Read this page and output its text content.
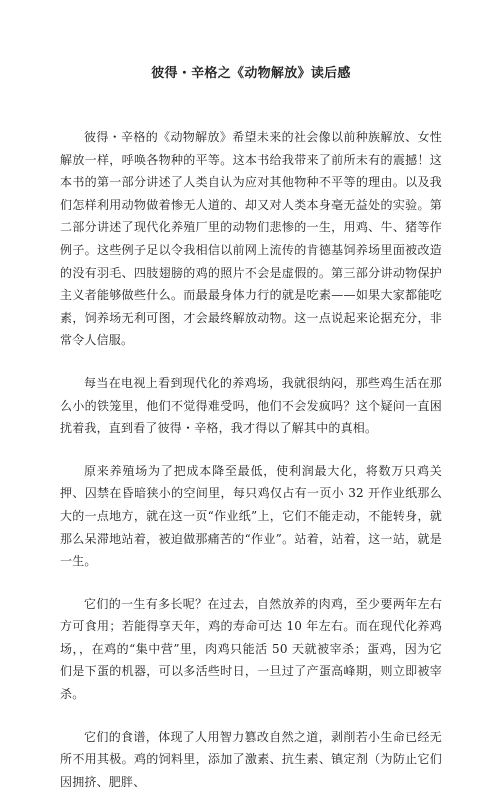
彼得・辛格之《动物解放》读后感

彼得・辛格的《动物解放》希望未来的社会像以前种族解放、女性解放一样，呼唤各物种的平等。这本书给我带来了前所未有的震撼！这本书的第一部分讲述了人类自认为应对其他物种不平等的理由。以及我们怎样利用动物做着惨无人道的、却又对人类本身毫无益处的实验。第二部分讲述了现代化养殖厂里的动物们悲惨的一生，用鸡、牛、猪等作例子。这些例子足以令我相信以前网上流传的肯德基饲养场里面被改造的没有羽毛、四肢翅膀的鸡的照片不会是虚假的。第三部分讲动物保护主义者能够做些什么。而最最身体力行的就是吃素——如果大家都能吃素，饲养场无利可图，才会最终解放动物。这一点说起来论据充分，非常令人信服。

每当在电视上看到现代化的养鸡场，我就很纳闷，那些鸡生活在那么小的铁笼里，他们不觉得难受吗，他们不会发疯吗？这个疑问一直困扰着我，直到看了彼得・辛格，我才得以了解其中的真相。

原来养殖场为了把成本降至最低，使利润最大化，将数万只鸡关押、囚禁在昏暗狭小的空间里，每只鸡仅占有一页小 32 开作业纸那么大的一点地方，就在这一页“作业纸”上，它们不能走动，不能转身，就那么呆滞地站着，被迫做那痛苦的“作业”。站着，站着，这一站，就是一生。

它们的一生有多长呢？在过去，自然放养的肉鸡，至少要两年左右方可食用；若能得享天年，鸡的寿命可达 10 年左右。而在现代化养鸡场，，在鸡的“集中营”里，肉鸡只能活 50 天就被宰杀；蛋鸡，因为它们是下蛋的机器，可以多活些时日，一旦过了产蛋高峰期，则立即被宰杀。

它们的食谱，体现了人用智力篡改自然之道，剥削若小生命已经无所不用其极。鸡的饲料里，添加了激素、抗生素、镇定剂（为防止它们因拥挤、肥胖、
